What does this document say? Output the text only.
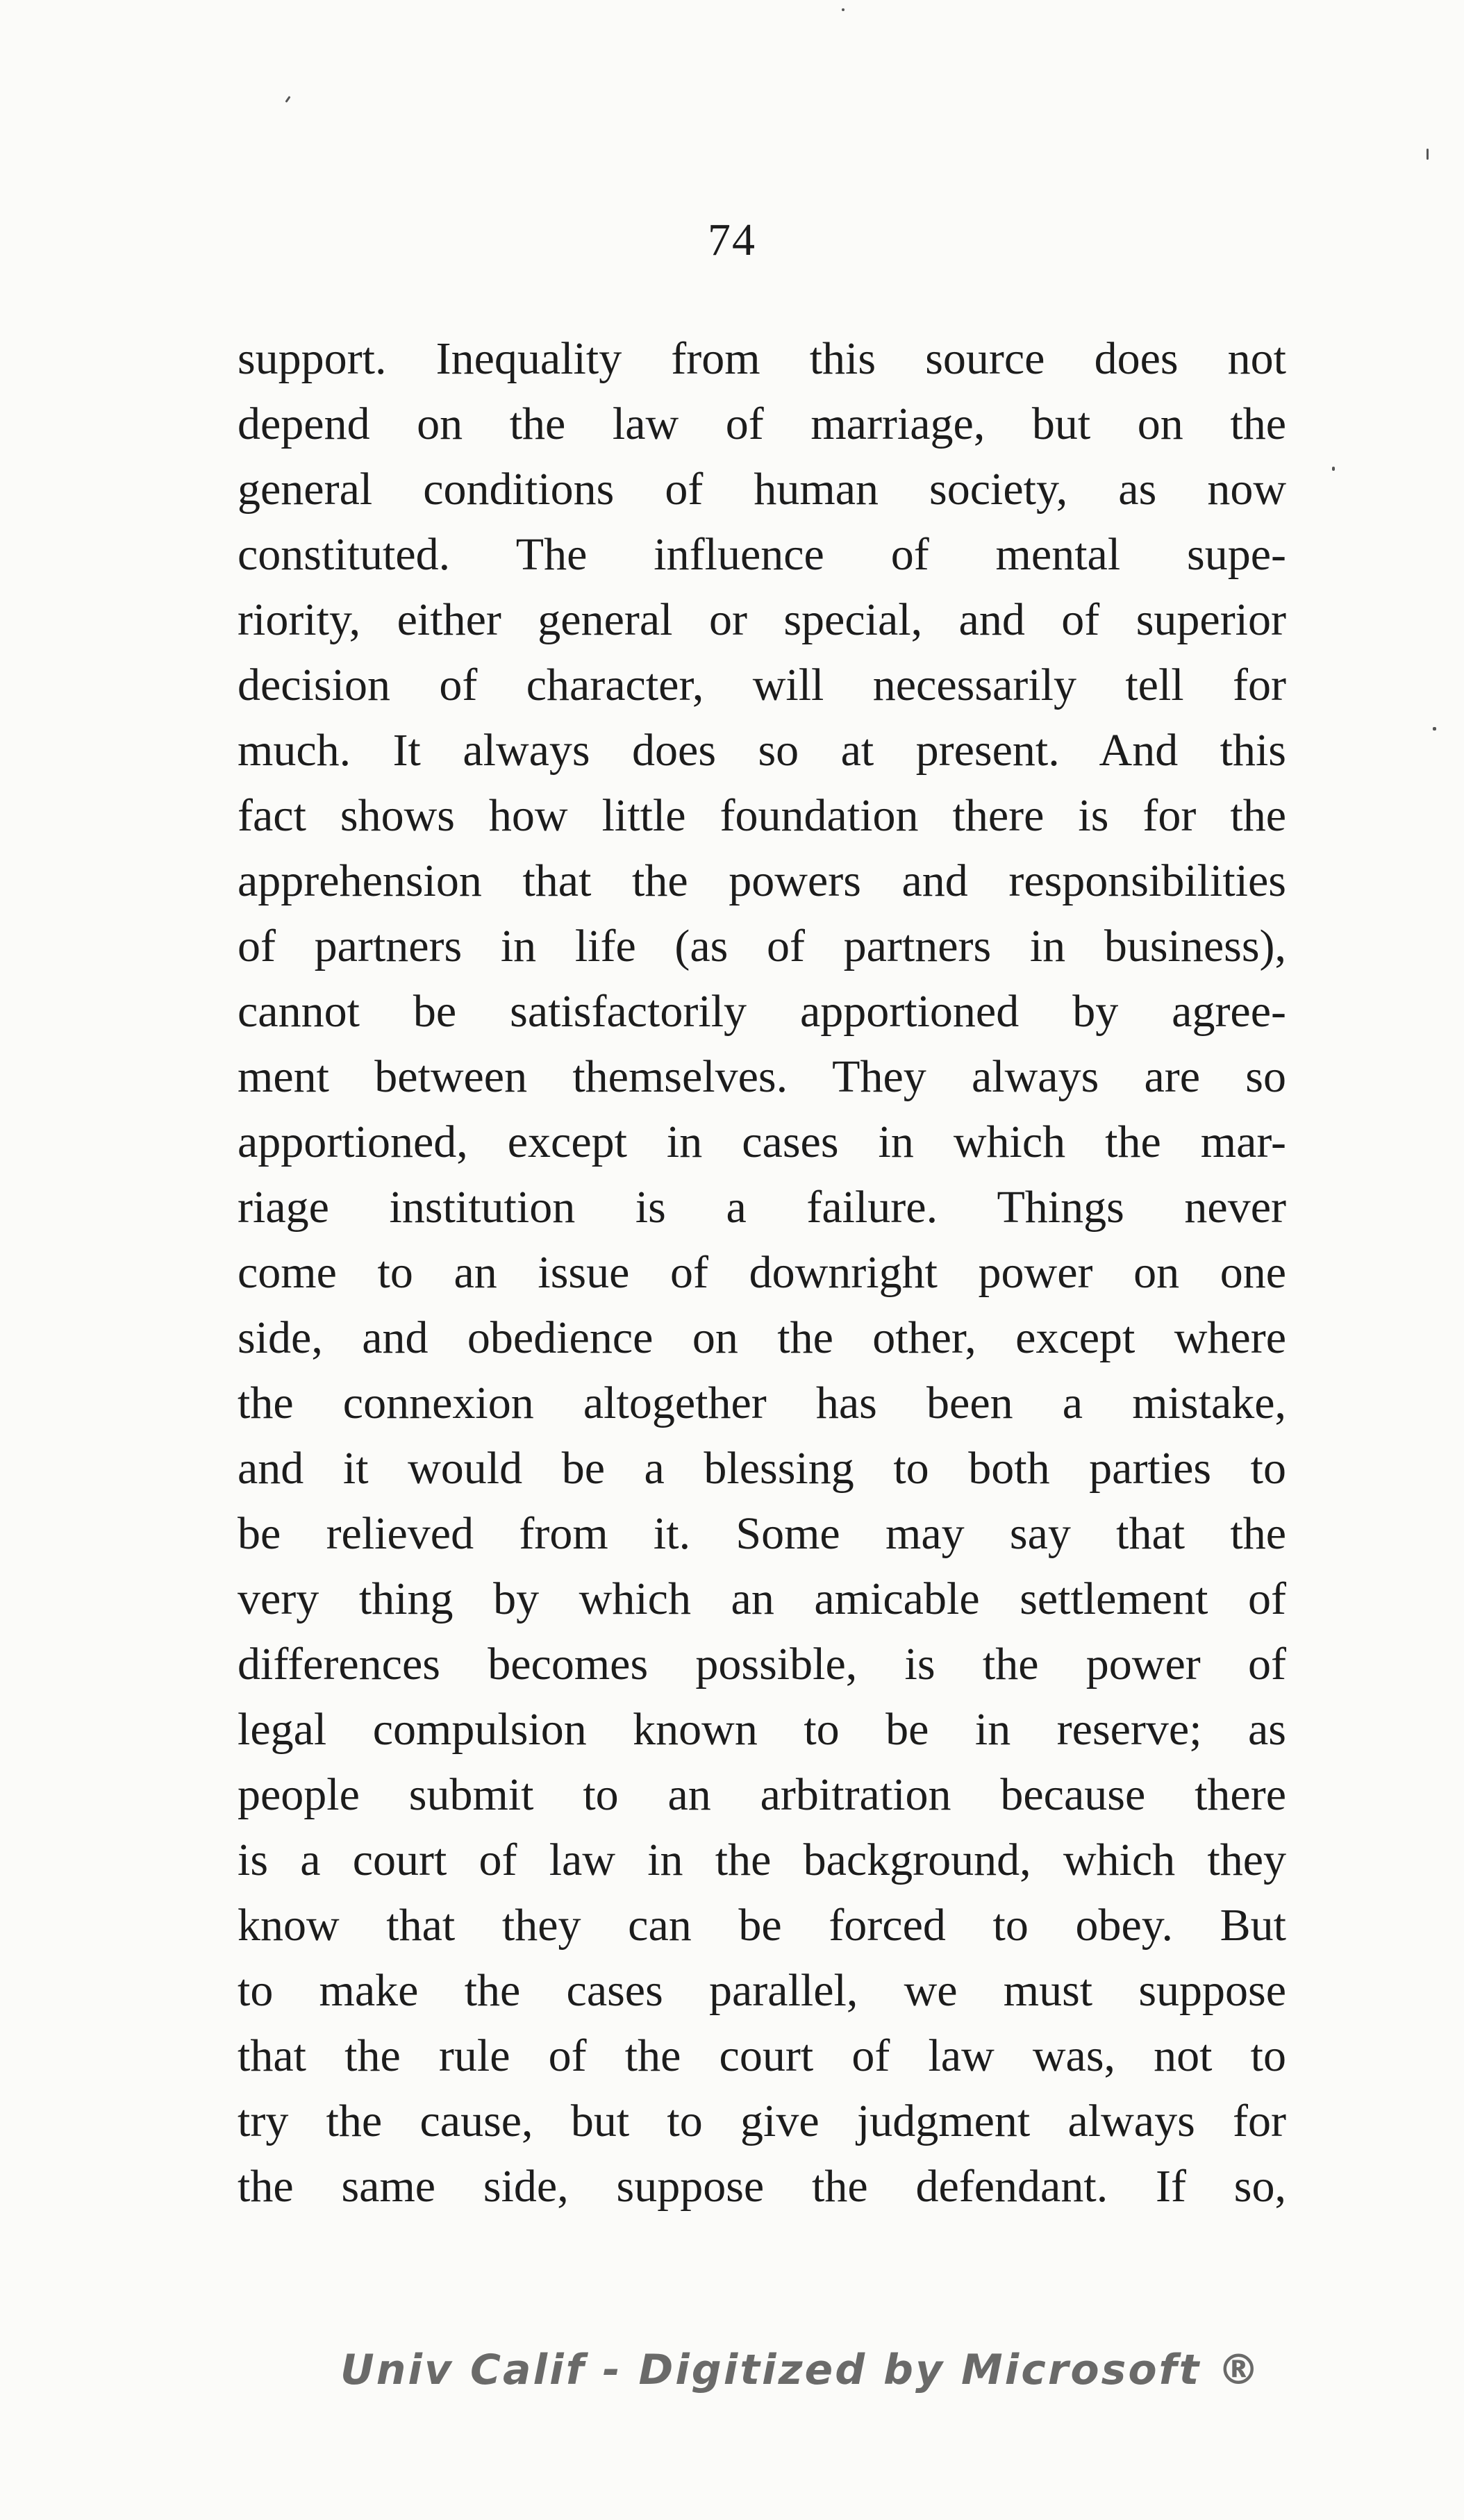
74
support. Inequality from this source does not
depend on the law of marriage, but on the
general conditions of human society, as now
constituted. The influence of mental supe-
riority, either general or special, and of superior
decision of character, will necessarily tell for
much. It always does so at present. And this
fact shows how little foundation there is for the
apprehension that the powers and responsibilities
of partners in life (as of partners in business),
cannot be satisfactorily apportioned by agree-
ment between themselves. They always are so
apportioned, except in cases in which the mar-
riage institution is a failure. Things never
come to an issue of downright power on one
side, and obedience on the other, except where
the connexion altogether has been a mistake,
and it would be a blessing to both parties to
be relieved from it. Some may say that the
very thing by which an amicable settlement of
differences becomes possible, is the power of
legal compulsion known to be in reserve; as
people submit to an arbitration because there
is a court of law in the background, which they
know that they can be forced to obey. But
to make the cases parallel, we must suppose
that the rule of the court of law was, not to
try the cause, but to give judgment always for
the same side, suppose the defendant. If so,
Univ Calif - Digitized by Microsoft ®
